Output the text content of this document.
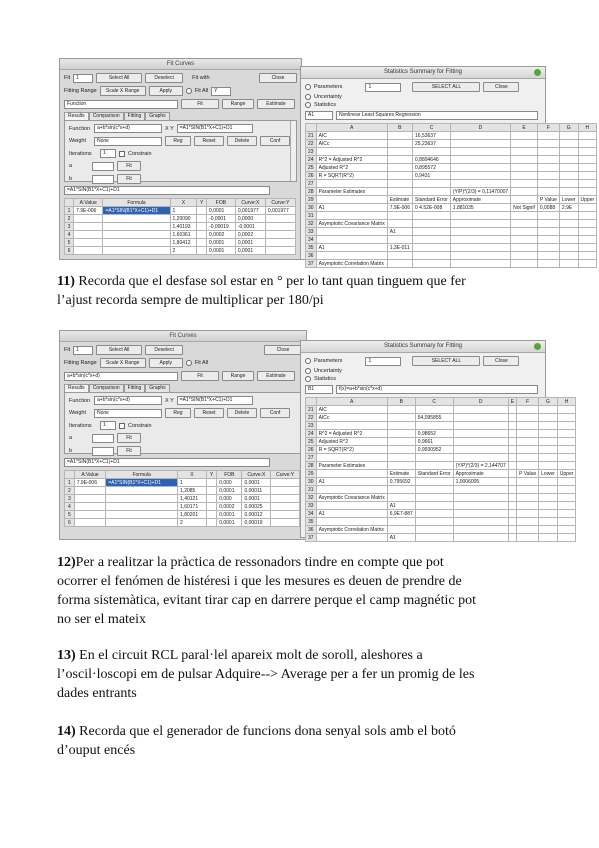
Fit Curves
Fit	1	Select All	Deselect	Fit with	Close
Fitting Range	Scale X Range	Apply	Fit All	Y
Function	Fit	Range	Estimate
Results	Comparison	Fitting	Graphs
Function	a+b*sin(c*x+d)	X Y	=A1*SIN(B1*X+C1)+D1
Weight	None	Reg	Reset	Delete	Conf
Iterations	1	Constrain
a	Fit
b	Fit
=A1*SIN(B1*X+C1)+D1
	A:Value	Formula	X	Y	FOB	Curve:X	Curve:Y
1	7.9E-006	=A1*SIN(B1*X+C1)+D1	1		0,0001	0,001977	0,001977
2			1,20090		-0,0001	0,0000	
3			1,40193		-0,00019	-0,0001	
4			1,60361		0,0002	0,0002	
5			1,80412		0,0001	0,0001	
6			2		0,0001	0,0001	
Statistics Summary for Fitting
Parameters	1	SELECT ALL	Close
Uncertainty
Statistics
A1	Nonlinear Least Squares Regression
	A	B	C	D	E	F	G	H
21	AIC		16,53637					
22	AICc		25,23637					
23								
24	R^2 = Adjusted R^2		0,8894646					
25	Adjusted R^2		0,895572					
26	R = SQRT(R^2)		0,9431					
27								
28	Parameter Estimates			(Y/P)*(2/3) = 0,11470007				
29		Estimate	Standard Error	Approximate		P Value	Lower	Upper
30	A1	7.9E-006	0 4.52E-008	1.881035	Not Signif	0,0088	2.9E	
31								
32	Asymptotic Covariance Matrix							
33		A1						
34								
35	A1	1,3E-011						
36								
37	Asymptotic Correlation Matrix							
11) Recorda que el desfase sol estar en ° per lo tant quan tinguem que fer
l’ajust recorda sempre de multiplicar per 180/pi
Fit Curves
Fit	1	Select All	Deselect	Close
Fitting Range	Scale X Range	Apply	Fit All
a+b*sin(c*x+d)	Fit	Range	Estimate
Results	Comparison	Fitting	Graphs
Function	a+b*sin(c*x+d)	X Y	=A1*SIN(B1*X+C1)+D1
Weight	None	Reg	Reset	Delete	Conf
Iterations	1	Constrain
a	Fit
b	Fit
=A1*SIN(B1*X+C1)+D1
	A:Value	Formula	X	Y	FOB	Curve:X	Curve:Y
1	7.9E-006	=A1*SIN(B1*X+C1)+D1	1		0,000	0,0001	
2			1,2085		0,0001	0,00011	
3			1,40121		0,000	0,0001	
4			1,60171		0,0002	0,00025	
5			1,80201		0,0001	0,00012	
6			2		0,0001	0,00019	
Statistics Summary for Fitting
Parameters	1	SELECT ALL	Close
Uncertainty
Statistics
B1	f(x)=a+b*sin(c*x+d)
	A	B	C	D	E	F	G	H
21	AIC							
22	AICc		54,095855					
23								
24	R^2 = Adjusted R^2		0,98652					
25	Adjusted R^2		0,9661					
26	R = SQRT(R^2)		0,9930952					
27								
28	Parameter Estimates			(Y/P)*(2/3) = 2,144707				
29		Estimate	Standard Error	Approximate		P Value	Lower	Upper
30	A1	0,795692		1,0006005				
31								
32	Asymptotic Covariance Matrix							
33		A1						
34	A1	6,9E7-887						
35								
36	Asymptotic Correlation Matrix							
37		A1						
12)Per a realitzar la pràctica de ressonadors tindre en compte que pot
ocorrer el fenómen de histéresi i que les mesures es deuen de prendre de
forma sistemàtica, evitant tirar cap en darrere perque el camp magnétic pot
no ser el mateix
13) En el circuit RCL paral·lel apareix molt de soroll, aleshores a
l’oscil·loscopi em de pulsar Adquire--> Average per a fer un promig de les
dades entrants
14) Recorda que el generador de funcions dona senyal sols amb el botó
d’ouput encés
